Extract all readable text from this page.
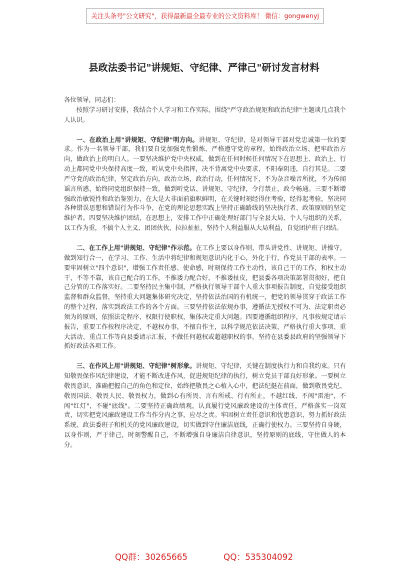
关注头条号"公文研究"，获得最新最全最专业的公文资料库！ 微信：gongwenyj
县政法委书记"讲规矩、守纪律、严律己"研讨发言材料

各位领导，同志们：

按照学习研讨安排，我结合个人学习和工作实际，围绕"严守政治规矩和政治纪律"主题谈几点我个人认识。

一、在政治上用"讲规矩、守纪律"明方向。讲规矩、守纪律，是对领导干部对党忠诚第一位的要求。作为一名领导干部，我们要自觉加强党性锻炼，严格遵守党的章程，始终政治立场、把牢政治方向，做政治上的明白人。一要坚决维护党中央权威，做到在任何时候任何情况下在思想上、政治上、行动上都同党中央保持高度一致，听从党中央指挥，决不背离党中央要求，不阳奉阴违，自行其是。二要严守党的政治纪律，坚定政治方向，政治立场，政治行动，任何情况下，不为杂音噪音所扰，不为传闻谣言所惑，始终同党组织保持一致，做到听党话、讲规矩、守纪律，令行禁止，政令畅通。三要不断增强政治敏锐性和政治鉴别力，在大是大非面前旗帜鲜明，在关键时刻经得住考验，经得起考验，坚决同各种错误思想和错误行为作斗争，在党的理论思想实践上坚持正确路线的坚决执行者、政策原则的坚定维护者。四要坚决维护团结，在思想上，安排工作中正确处理好部门与全县大局、个人与组织的关系，以工作为重，不搞个人主义、团团伙伙、拉拉扯扯，坚持个人利益服从大局利益，自觉团护班子团结。

二、在工作上用"讲规矩、守纪律"作示范。在工作上要以身作则，带头讲党性、讲规矩、讲操守，做到知行合一，在学习、工作、生活中将纪律和规矩意识内化于心，外化于行，作党员干部的表率。一要牢固树立"四个意识"，增强工作责任感、使命感，时刻保持工作主动性，该自己干的工作，和权主动干，不等不靠，该自己配合的工作，不推诿力配合好，不推诿扯皮，把县委各项决策部署贯彻好，把自己分管的工作落实好。二要坚持民主集中制，严格执行领导干部个人重大事项报告制度，自觉接受组织监督和群众监督，坚持重大问题集体研究决定，坚持依法治国的有机统一，把党的领导贯穿于政法工作的整个过程，落实到政法工作的各个方面。三要坚持依法依规办事，遵循法无授权不可为、法定职责必须为的原则，依照法定程序、权限行使职权，集体决定重大问题。四要遵循组织程序，凡事按规定请示报告，重要工作按程序决定，不越权办事，不擅自作主，以科学规范依法决策，严格执行重大事项、重大活动、重点工作等向县委请示汇报，不做任何越权或超越职权的事，坚持在县委县政府的坚强领导下抓好政法各项工作。

三、在作风上用"讲规矩、守纪律"树形象。讲规矩、守纪律，关键在制度执行力和自我约束。只有知敬畏保作风纪律建设，才能不断改进作风，促进规矩纪律的执行，树立党员干部良好形象。一要树立敬畏意识，准确把握自己的角色和定位，始终把敬畏之心植入心中，把法纪挺在前面，做到敬畏党纪、敬畏国法、敬畏人民、敬畏权力，做到心有所畏、言有所戒、行有所止，不越红线、不闯"雷池"，不闯"红灯"，不碰"底线"。二要坚持正确政绩观，认真履行党风廉政建设的主体责任，严格落实一岗双责，切实把党风廉政建设工作当作分内之事，应尽之责。牢固树立责任意识和忧患意识，努力抓好政法系统、政法委班子和机关的党风廉政建设，切实做到守住廉洁底线，正确行使权力。三要坚持自身硬，以身作则，严于律己，时刻警醒自己，不断增强自身廉洁自律意识，坚持原则的底线，守住做人的本分。

QQ群：30265665	QQ：535304092
